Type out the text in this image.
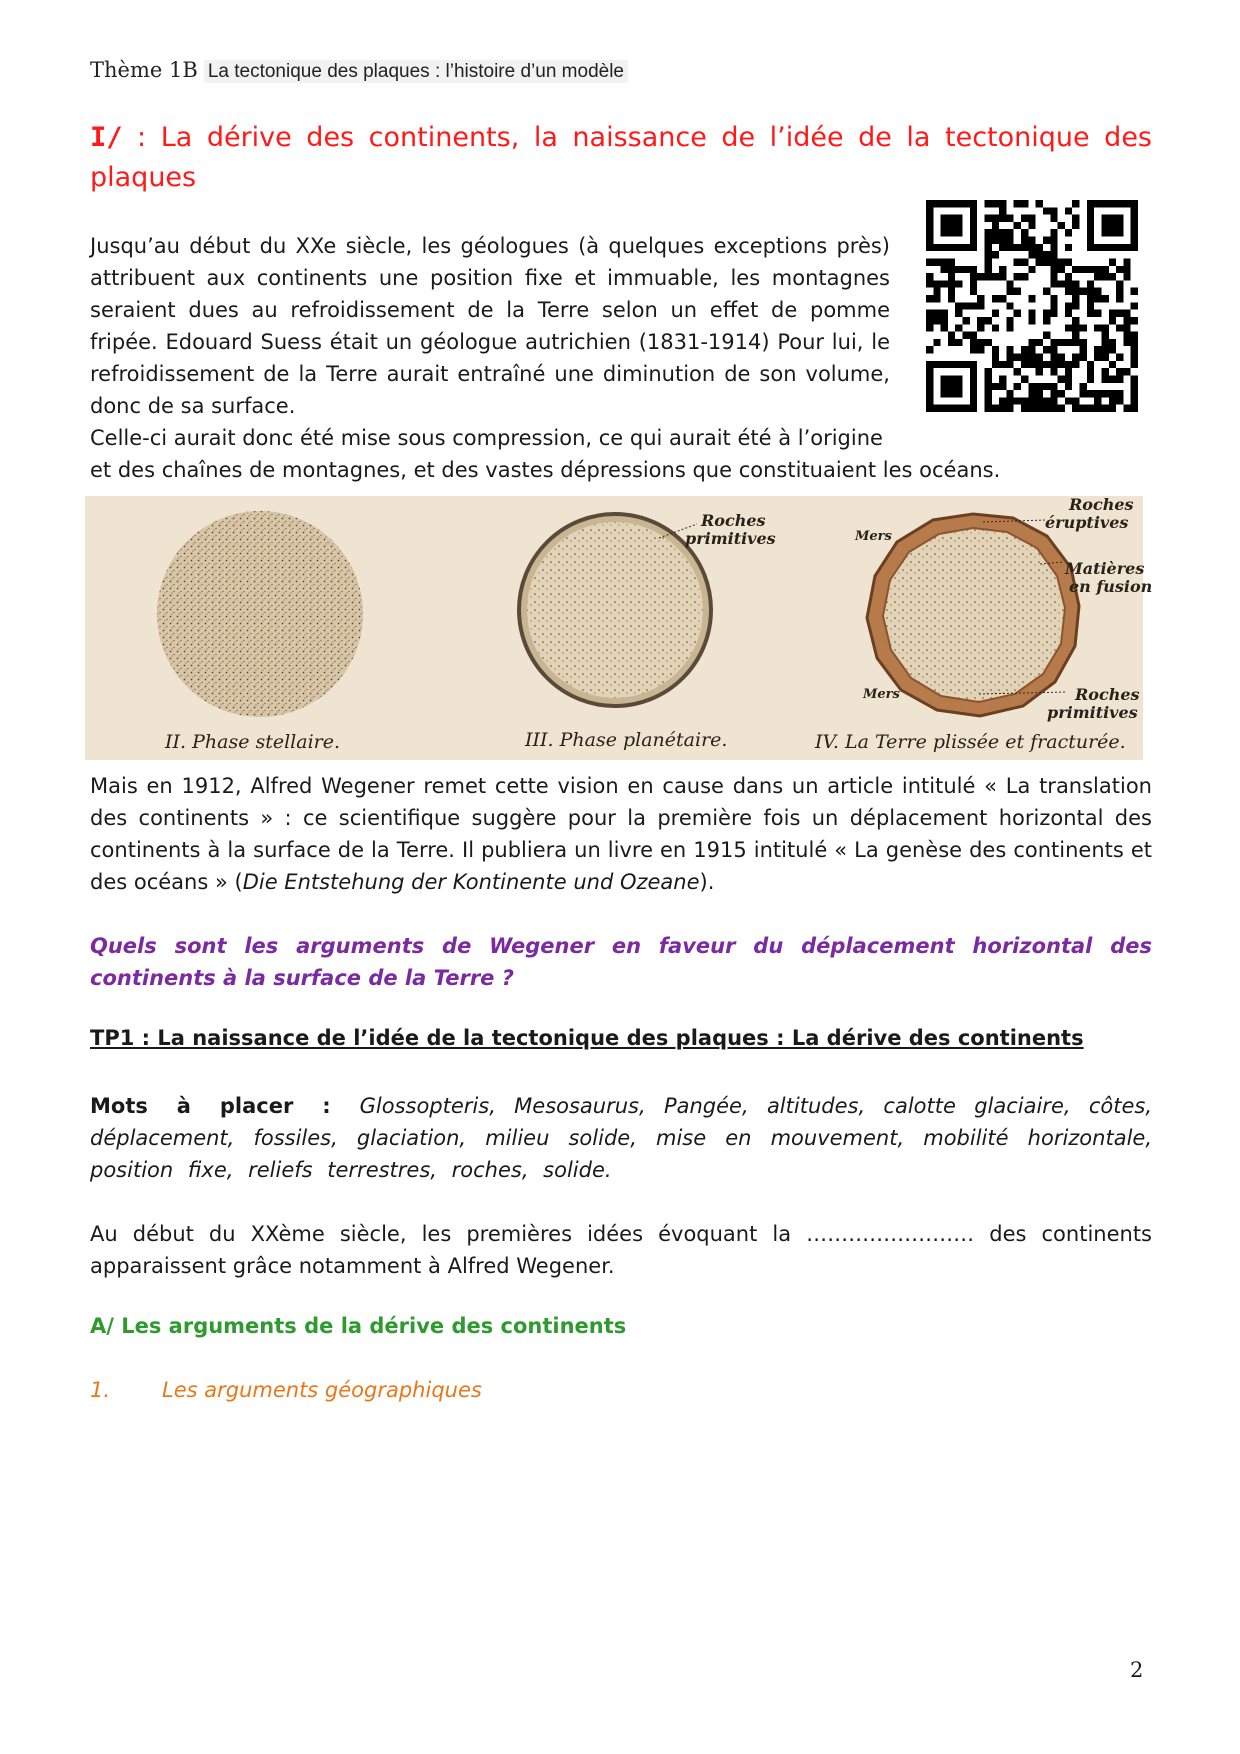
Thème 1B La tectonique des plaques : l’histoire d’un modèle
I/ : La dérive des continents, la naissance de l’idée de la tectonique des plaques

Jusqu’au début du XXe siècle, les géologues (à quelques exceptions près) attribuent aux continents une position fixe et immuable, les montagnes seraient dues au refroidissement de la Terre selon un effet de pomme fripée. Edouard Suess était un géologue autrichien (1831-1914) Pour lui, le refroidissement de la Terre aurait entraîné une diminution de son volume, donc de sa surface.

Celle-ci aurait donc été mise sous compression, ce qui aurait été à l’origine

et des chaînes de montagnes, et des vastes dépressions que constituaient les océans.

Roches
primitives
Roches
éruptives
Mers
Matières
en fusion
Mers	Roches
primitives
II. Phase stellaire.	III. Phase planétaire.	IV. La Terre plissée et fracturée.

Mais en 1912, Alfred Wegener remet cette vision en cause dans un article intitulé « La translation des continents » : ce scientifique suggère pour la première fois un déplacement horizontal des continents à la surface de la Terre. Il publiera un livre en 1915 intitulé « La genèse des continents et des océans » (Die Entstehung der Kontinente und Ozeane).

Quels sont les arguments de Wegener en faveur du déplacement horizontal des continents à la surface de la Terre ?

TP1 : La naissance de l’idée de la tectonique des plaques : La dérive des continents

Mots à placer : Glossopteris, Mesosaurus, Pangée, altitudes, calotte glaciaire, côtes, déplacement, fossiles, glaciation, milieu solide, mise en mouvement, mobilité horizontale, position fixe, reliefs terrestres, roches, solide.

Au début du XXème siècle, les premières idées évoquant la …………………… des continents apparaissent grâce notamment à Alfred Wegener.

A/ Les arguments de la dérive des continents

1. Les arguments géographiques

2
